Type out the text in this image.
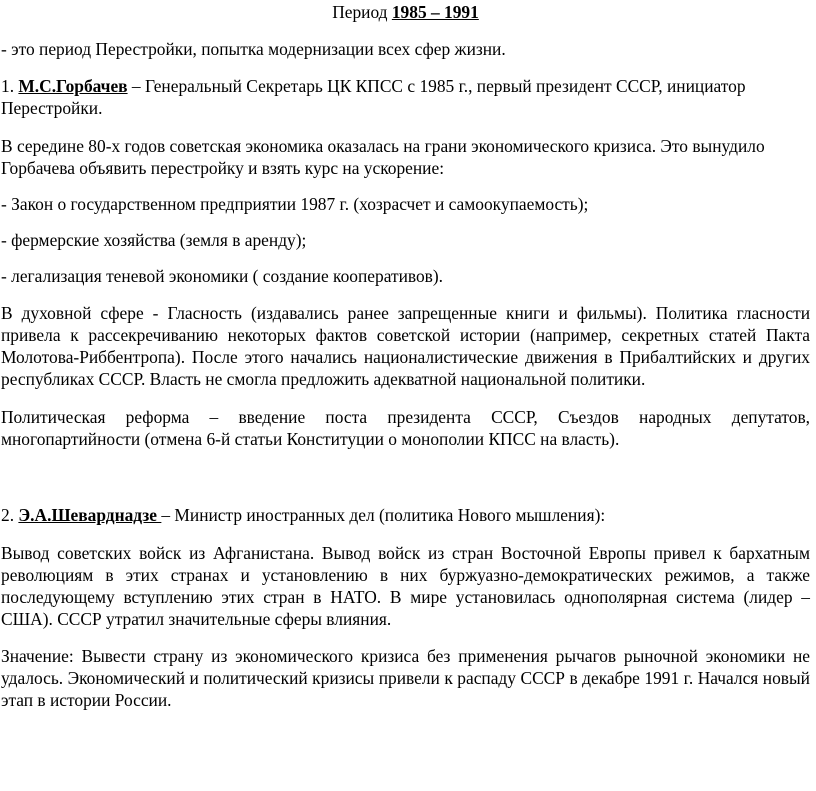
Период 1985 – 1991

- это период Перестройки, попытка модернизации всех сфер жизни.

1. М.С.Горбачев – Генеральный Секретарь ЦК КПСС с 1985 г., первый президент СССР, инициатор Перестройки.

В середине 80-х годов советская экономика оказалась на грани экономического кризиса. Это вынудило Горбачева объявить перестройку и взять курс на ускорение:

- Закон о государственном предприятии 1987 г. (хозрасчет и самоокупаемость);

- фермерские хозяйства (земля в аренду);

- легализация теневой экономики ( создание кооперативов).

В духовной сфере - Гласность (издавались ранее запрещенные книги и фильмы). Политика гласности привела к рассекречиванию некоторых фактов советской истории (например, секретных статей Пакта Молотова-Риббентропа). После этого начались националистические движения в Прибалтийских и других республиках СССР. Власть не смогла предложить адекватной национальной политики.

Политическая реформа – введение поста президента СССР, Съездов народных депутатов, многопартийности (отмена 6-й статьи Конституции о монополии КПСС на власть).

2. Э.А.Шеварднадзе – Министр иностранных дел (политика Нового мышления):

Вывод советских войск из Афганистана. Вывод войск из стран Восточной Европы привел к бархатным революциям в этих странах и установлению в них буржуазно-демократических режимов, а также последующему вступлению этих стран в НАТО. В мире установилась однополярная система (лидер – США). СССР утратил значительные сферы влияния.

Значение: Вывести страну из экономического кризиса без применения рычагов рыночной экономики не удалось. Экономический и политический кризисы привели к распаду СССР в декабре 1991 г. Начался новый этап в истории России.
